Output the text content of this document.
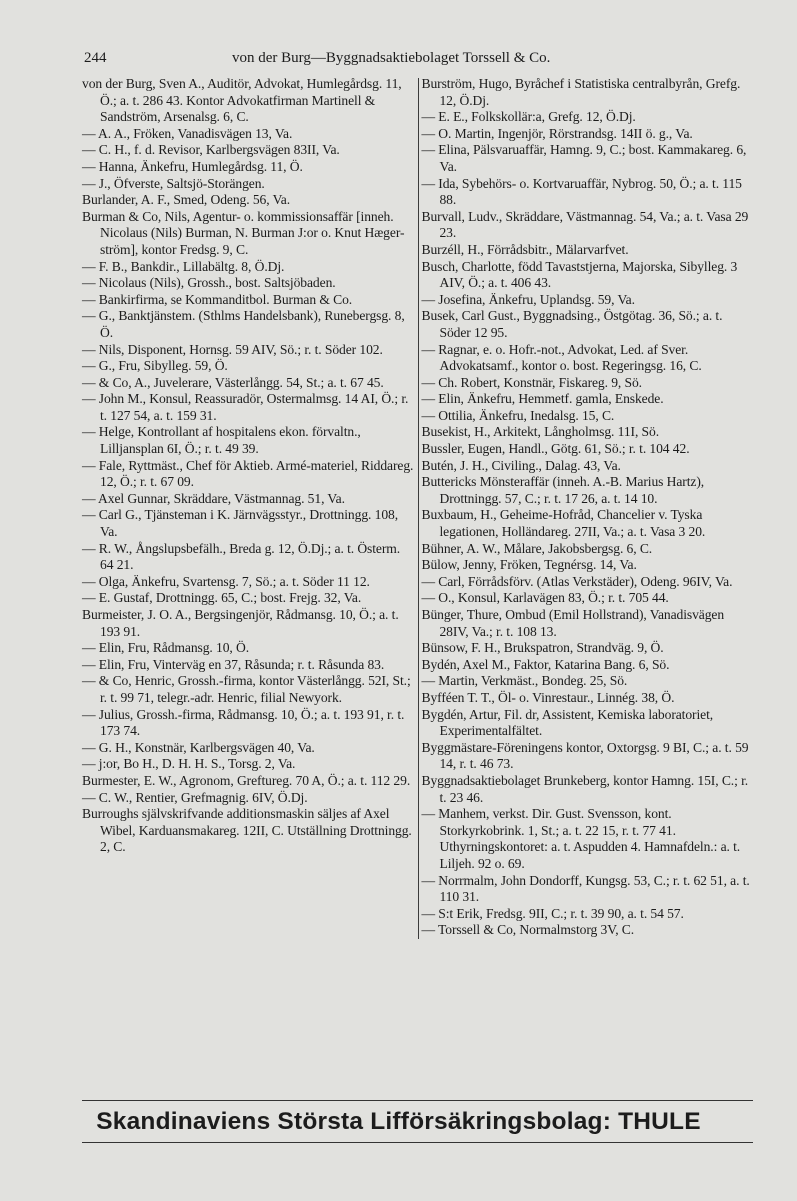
244	von der Burg—Byggnadsaktiebolaget Torssell & Co.

von der Burg, Sven A., Auditör, Advokat, Humlegårdsg. 11, Ö.; a. t. 286 43. Kontor Advokatfirman Martinell & Sandström, Arsenalsg. 6, C.

— A. A., Fröken, Vanadisvägen 13, Va.

— C. H., f. d. Revisor, Karlbergsvägen 83II, Va.

— Hanna, Änkefru, Humlegårdsg. 11, Ö.

— J., Öfverste, Saltsjö-Storängen.

Burlander, A. F., Smed, Odeng. 56, Va.

Burman & Co, Nils, Agentur- o. kommissionsaffär [inneh. Nicolaus (Nils) Burman, N. Burman J:or o. Knut Hæger-ström], kontor Fredsg. 9, C.

— F. B., Bankdir., Lillabältg. 8, Ö.Dj.

— Nicolaus (Nils), Grossh., bost. Saltsjöbaden.

— Bankirfirma, se Kommanditbol. Burman & Co.

— G., Banktjänstem. (Sthlms Handelsbank), Runebergsg. 8, Ö.

— Nils, Disponent, Hornsg. 59 AIV, Sö.; r. t. Söder 102.

— G., Fru, Sibylleg. 59, Ö.

— & Co, A., Juvelerare, Västerlångg. 54, St.; a. t. 67 45.

— John M., Konsul, Reassuradör, Ostermalmsg. 14 AI, Ö.; r. t. 127 54, a. t. 159 31.

— Helge, Kontrollant af hospitalens ekon. förvaltn., Lilljansplan 6I, Ö.; r. t. 49 39.

— Fale, Ryttmäst., Chef för Aktieb. Armé-materiel, Riddareg. 12, Ö.; r. t. 67 09.

— Axel Gunnar, Skräddare, Västmannag. 51, Va.

— Carl G., Tjänsteman i K. Järnvägsstyr., Drottningg. 108, Va.

— R. W., Ångslupsbefälh., Breda g. 12, Ö.Dj.; a. t. Österm. 64 21.

— Olga, Änkefru, Svartensg. 7, Sö.; a. t. Söder 11 12.

— E. Gustaf, Drottningg. 65, C.; bost. Frejg. 32, Va.

Burmeister, J. O. A., Bergsingenjör, Rådmansg. 10, Ö.; a. t. 193 91.

— Elin, Fru, Rådmansg. 10, Ö.

— Elin, Fru, Vinterväg en 37, Råsunda; r. t. Råsunda 83.

— & Co, Henric, Grossh.-firma, kontor Västerlångg. 52I, St.; r. t. 99 71, telegr.-adr. Henric, filial Newyork.

— Julius, Grossh.-firma, Rådmansg. 10, Ö.; a. t. 193 91, r. t. 173 74.

— G. H., Konstnär, Karlbergsvägen 40, Va.

— j:or, Bo H., D. H. H. S., Torsg. 2, Va.

Burmester, E. W., Agronom, Greftureg. 70 A, Ö.; a. t. 112 29.

— C. W., Rentier, Grefmagnig. 6IV, Ö.Dj.

Burroughs självskrifvande additionsmaskin säljes af Axel Wibel, Karduansmakareg. 12II, C. Utställning Drottningg. 2, C.

Burström, Hugo, Byråchef i Statistiska centralbyrån, Grefg. 12, Ö.Dj.

— E. E., Folkskollär:a, Grefg. 12, Ö.Dj.

— O. Martin, Ingenjör, Rörstrandsg. 14II ö. g., Va.

— Elina, Pälsvaruaffär, Hamng. 9, C.; bost. Kammakareg. 6, Va.

— Ida, Sybehörs- o. Kortvaruaffär, Nybrog. 50, Ö.; a. t. 115 88.

Burvall, Ludv., Skräddare, Västmannag. 54, Va.; a. t. Vasa 29 23.

Burzéll, H., Förrådsbitr., Mälarvarfvet.

Busch, Charlotte, född Tavaststjerna, Majorska, Sibylleg. 3 AIV, Ö.; a. t. 406 43.

— Josefina, Änkefru, Uplandsg. 59, Va.

Busek, Carl Gust., Byggnadsing., Östgötag. 36, Sö.; a. t. Söder 12 95.

— Ragnar, e. o. Hofr.-not., Advokat, Led. af Sver. Advokatsamf., kontor o. bost. Regeringsg. 16, C.

— Ch. Robert, Konstnär, Fiskareg. 9, Sö.

— Elin, Änkefru, Hemmetf. gamla, Enskede.

— Ottilia, Änkefru, Inedalsg. 15, C.

Busekist, H., Arkitekt, Långholmsg. 11I, Sö.

Bussler, Eugen, Handl., Götg. 61, Sö.; r. t. 104 42.

Butén, J. H., Civiling., Dalag. 43, Va.

Buttericks Mönsteraffär (inneh. A.-B. Marius Hartz), Drottningg. 57, C.; r. t. 17 26, a. t. 14 10.

Buxbaum, H., Geheime-Hofråd, Chancelier v. Tyska legationen, Holländareg. 27II, Va.; a. t. Vasa 3 20.

Bühner, A. W., Målare, Jakobsbergsg. 6, C.

Bülow, Jenny, Fröken, Tegnérsg. 14, Va.

— Carl, Förrådsförv. (Atlas Verkstäder), Odeng. 96IV, Va.

— O., Konsul, Karlavägen 83, Ö.; r. t. 705 44.

Bünger, Thure, Ombud (Emil Hollstrand), Vanadisvägen 28IV, Va.; r. t. 108 13.

Bünsow, F. H., Brukspatron, Strandväg. 9, Ö.

Bydén, Axel M., Faktor, Katarina Bang. 6, Sö.

— Martin, Verkmäst., Bondeg. 25, Sö.

Byfféen T. T., Öl- o. Vinrestaur., Linnég. 38, Ö.

Bygdén, Artur, Fil. dr, Assistent, Kemiska laboratoriet, Experimentalfältet.

Byggmästare-Föreningens kontor, Oxtorgsg. 9 BI, C.; a. t. 59 14, r. t. 46 73.

Byggnadsaktiebolaget Brunkeberg, kontor Hamng. 15I, C.; r. t. 23 46.

— Manhem, verkst. Dir. Gust. Svensson, kont. Storkyrkobrink. 1, St.; a. t. 22 15, r. t. 77 41. Uthyrningskontoret: a. t. Aspudden 4. Hamnafdeln.: a. t. Liljeh. 92 o. 69.

— Norrmalm, John Dondorff, Kungsg. 53, C.; r. t. 62 51, a. t. 110 31.

— S:t Erik, Fredsg. 9II, C.; r. t. 39 90, a. t. 54 57.

— Torssell & Co, Normalmstorg 3V, C.

Skandinaviens Största Lifförsäkringsbolag: THULE
